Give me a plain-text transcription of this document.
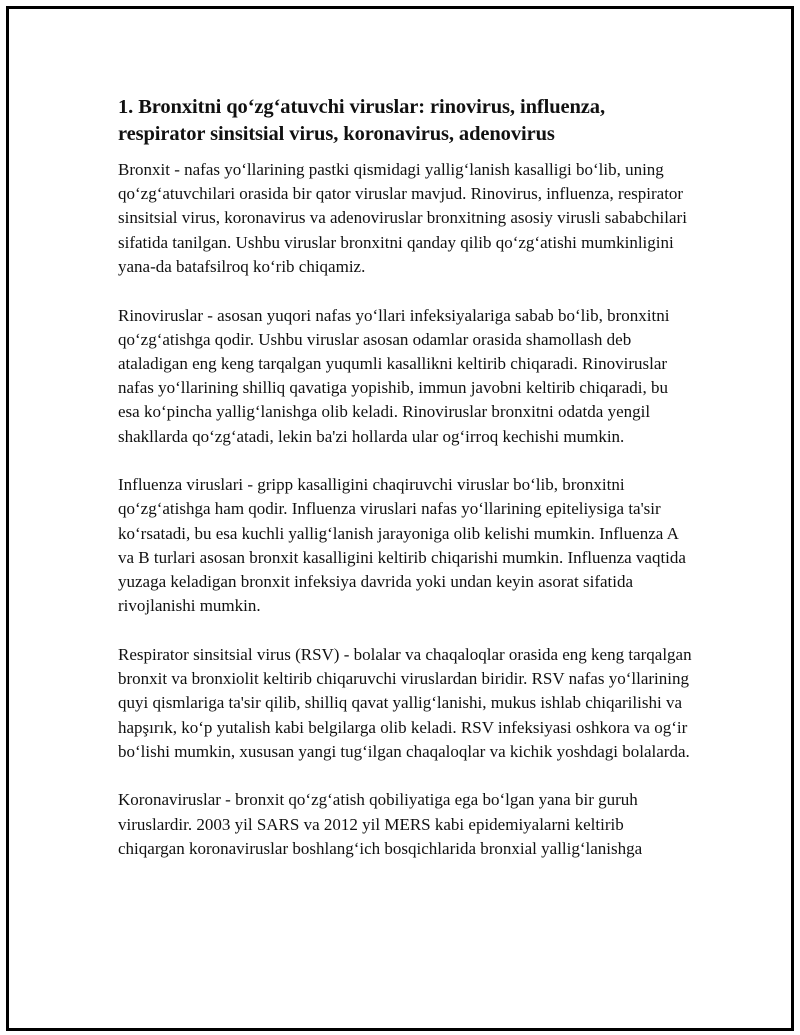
1. Bronxitni qo‘zg‘atuvchi viruslar: rinovirus, influenza, respirator sinsitsial virus, koronavirus, adenovirus

Bronxit - nafas yo‘llarining pastki qismidagi yallig‘lanish kasalligi bo‘lib, uning qo‘zg‘atuvchilari orasida bir qator viruslar mavjud. Rinovirus, influenza, respirator sinsitsial virus, koronavirus va adenoviruslar bronxitning asosiy virusli sababchilari sifatida tanilgan. Ushbu viruslar bronxitni qanday qilib qo‘zg‘atishi mumkinligini yana-da batafsilroq ko‘rib chiqamiz.

Rinoviruslar - asosan yuqori nafas yo‘llari infeksiyalariga sabab bo‘lib, bronxitni qo‘zg‘atishga qodir. Ushbu viruslar asosan odamlar orasida shamollash deb ataladigan eng keng tarqalgan yuqumli kasallikni keltirib chiqaradi. Rinoviruslar nafas yo‘llarining shilliq qavatiga yopishib, immun javobni keltirib chiqaradi, bu esa ko‘pincha yallig‘lanishga olib keladi. Rinoviruslar bronxitni odatda yengil shakllarda qo‘zg‘atadi, lekin ba'zi hollarda ular og‘irroq kechishi mumkin.

Influenza viruslari - gripp kasalligini chaqiruvchi viruslar bo‘lib, bronxitni qo‘zg‘atishga ham qodir. Influenza viruslari nafas yo‘llarining epiteliysiga ta'sir ko‘rsatadi, bu esa kuchli yallig‘lanish jarayoniga olib kelishi mumkin. Influenza A va B turlari asosan bronxit kasalligini keltirib chiqarishi mumkin. Influenza vaqtida yuzaga keladigan bronxit infeksiya davrida yoki undan keyin asorat sifatida rivojlanishi mumkin.

Respirator sinsitsial virus (RSV) - bolalar va chaqaloqlar orasida eng keng tarqalgan bronxit va bronxiolit keltirib chiqaruvchi viruslardan biridir. RSV nafas yo‘llarining quyi qismlariga ta'sir qilib, shilliq qavat yallig‘lanishi, mukus ishlab chiqarilishi va hapşırık, ko‘p yutalish kabi belgilarga olib keladi. RSV infeksiyasi oshkora va og‘ir bo‘lishi mumkin, xususan yangi tug‘ilgan chaqaloqlar va kichik yoshdagi bolalarda.

Koronaviruslar - bronxit qo‘zg‘atish qobiliyatiga ega bo‘lgan yana bir guruh viruslardir. 2003 yil SARS va 2012 yil MERS kabi epidemiyalarni keltirib chiqargan koronaviruslar boshlang‘ich bosqichlarida bronxial yallig‘lanishga
